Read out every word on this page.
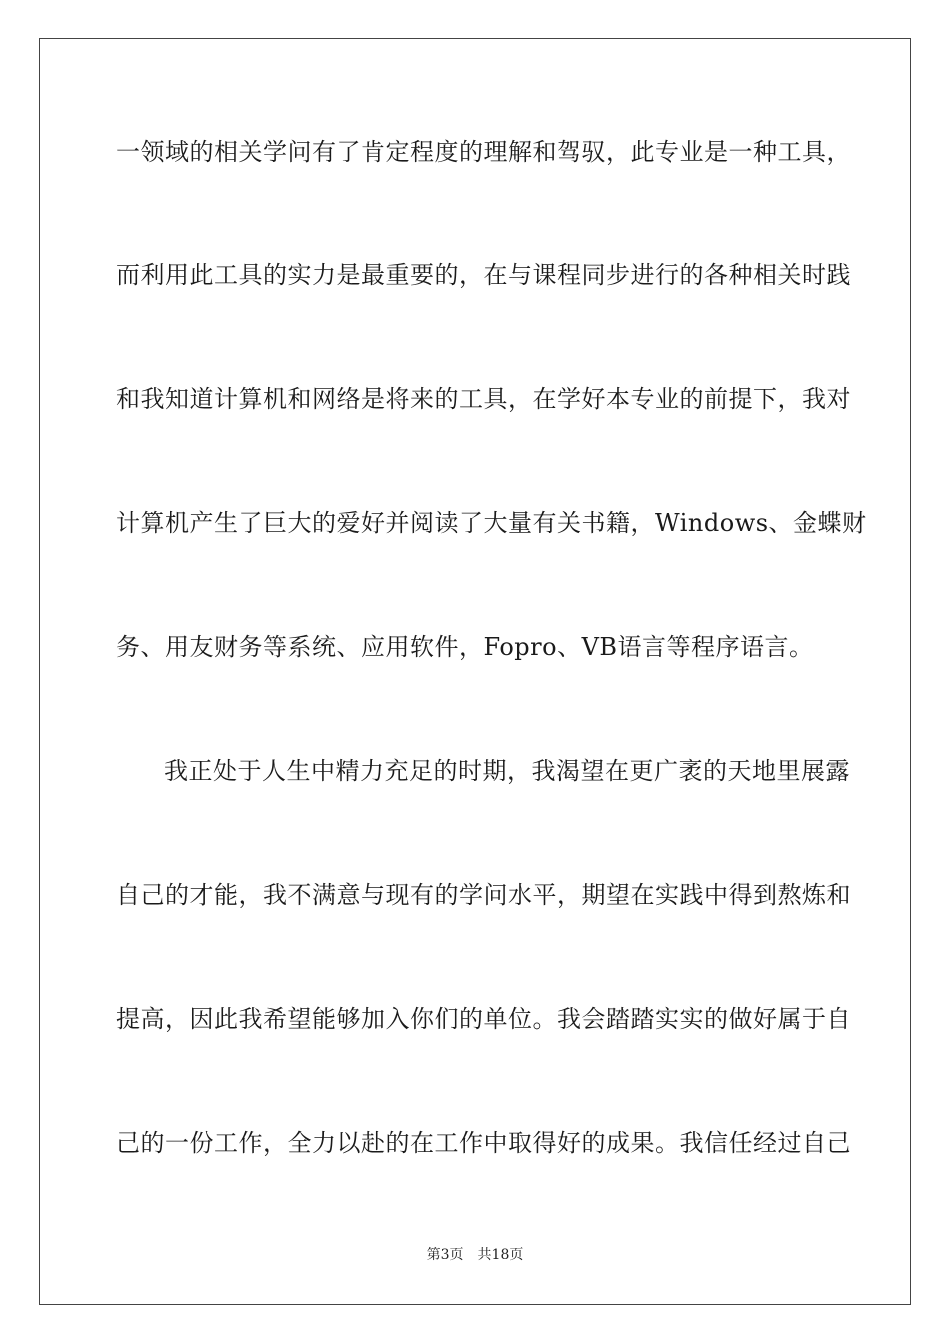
一领域的相关学问有了肯定程度的理解和驾驭，此专业是一种工具，
而利用此工具的实力是最重要的，在与课程同步进行的各种相关时践
和我知道计算机和网络是将来的工具，在学好本专业的前提下，我对
计算机产生了巨大的爱好并阅读了大量有关书籍，Windows、金蝶财
务、用友财务等系统、应用软件，Fopro、VB语言等程序语言。
我正处于人生中精力充足的时期，我渴望在更广袤的天地里展露
自己的才能，我不满意与现有的学问水平，期望在实践中得到熬炼和
提高，因此我希望能够加入你们的单位。我会踏踏实实的做好属于自
己的一份工作，全力以赴的在工作中取得好的成果。我信任经过自己
第3页　共18页
